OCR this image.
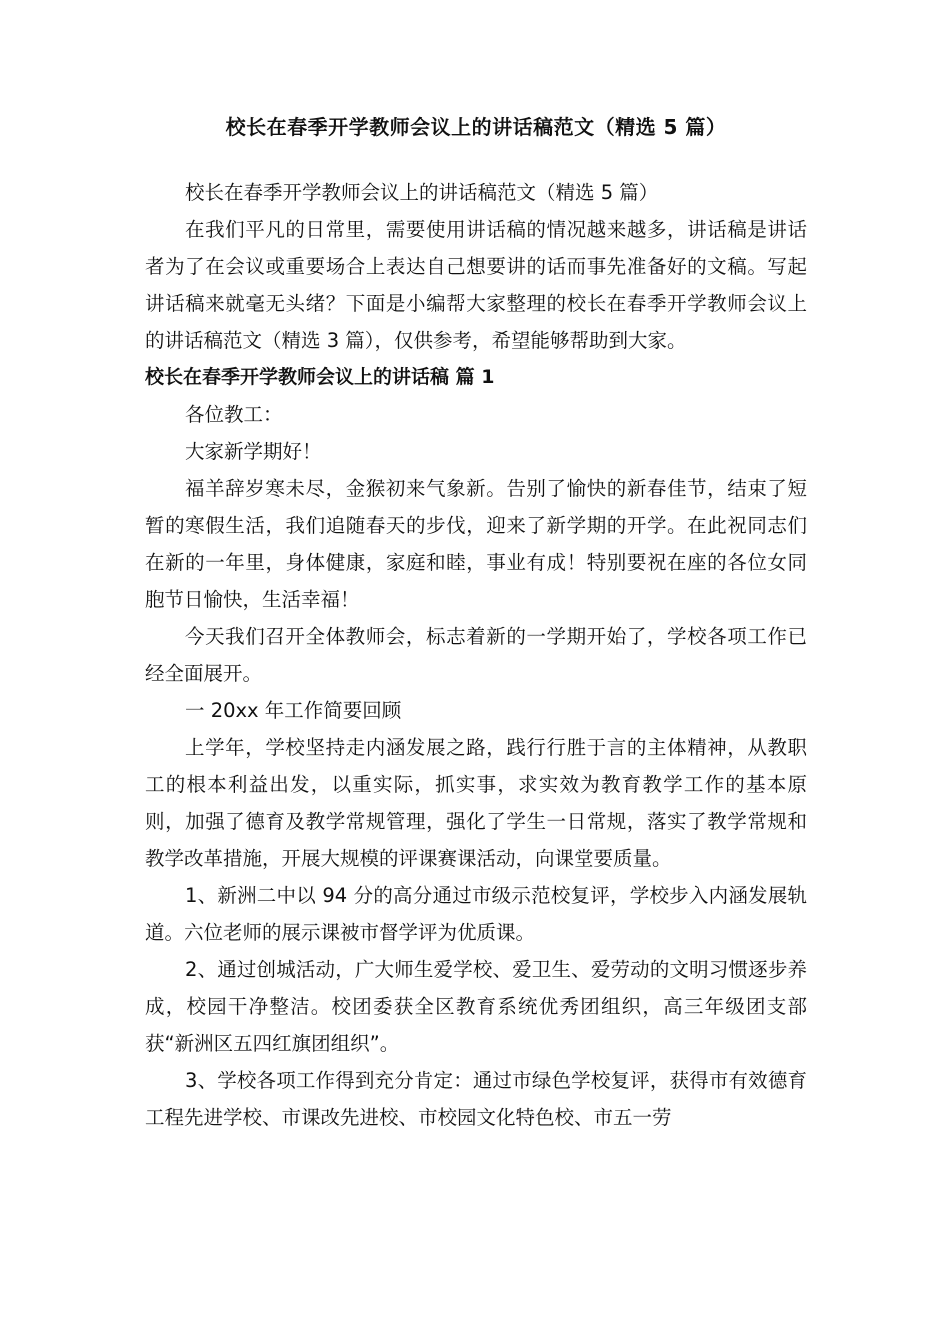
校长在春季开学教师会议上的讲话稿范文（精选 5 篇）

校长在春季开学教师会议上的讲话稿范文（精选 5 篇）

在我们平凡的日常里，需要使用讲话稿的情况越来越多，讲话稿是讲话者为了在会议或重要场合上表达自己想要讲的话而事先准备好的文稿。写起讲话稿来就毫无头绪？下面是小编帮大家整理的校长在春季开学教师会议上的讲话稿范文（精选 3 篇），仅供参考，希望能够帮助到大家。

校长在春季开学教师会议上的讲话稿 篇 1

各位教工：

大家新学期好！

福羊辞岁寒未尽，金猴初来气象新。告别了愉快的新春佳节，结束了短暂的寒假生活，我们追随春天的步伐，迎来了新学期的开学。在此祝同志们在新的一年里，身体健康，家庭和睦，事业有成！特别要祝在座的各位女同胞节日愉快，生活幸福！

今天我们召开全体教师会，标志着新的一学期开始了，学校各项工作已经全面展开。

一 20xx 年工作简要回顾

上学年，学校坚持走内涵发展之路，践行行胜于言的主体精神，从教职工的根本利益出发，以重实际，抓实事，求实效为教育教学工作的基本原则，加强了德育及教学常规管理，强化了学生一日常规，落实了教学常规和教学改革措施，开展大规模的评课赛课活动，向课堂要质量。

1、新洲二中以 94 分的高分通过市级示范校复评，学校步入内涵发展轨道。六位老师的展示课被市督学评为优质课。

2、通过创城活动，广大师生爱学校、爱卫生、爱劳动的文明习惯逐步养成，校园干净整洁。校团委获全区教育系统优秀团组织，高三年级团支部获“新洲区五四红旗团组织”。

3、学校各项工作得到充分肯定：通过市绿色学校复评，获得市有效德育工程先进学校、市课改先进校、市校园文化特色校、市五一劳
